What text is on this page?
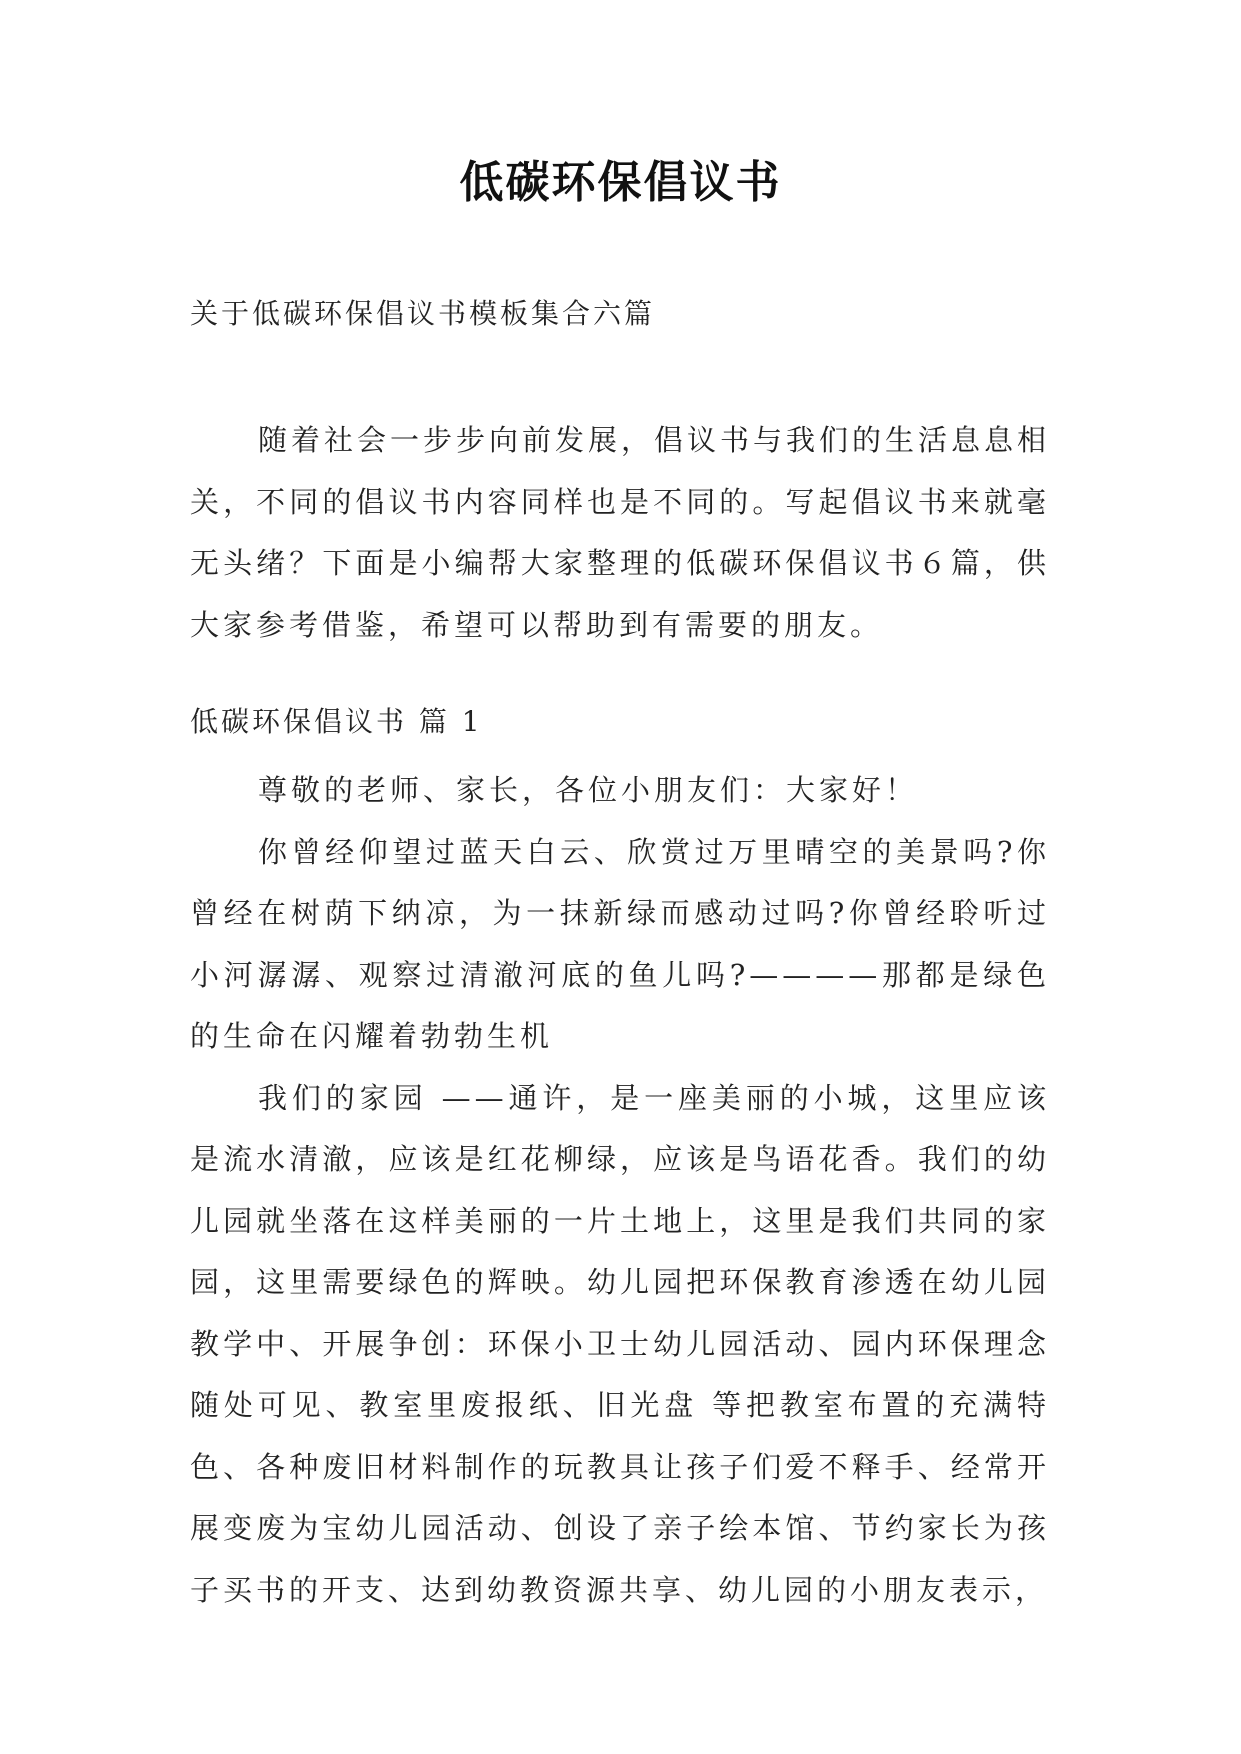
低碳环保倡议书

关于低碳环保倡议书模板集合六篇

随着社会一步步向前发展，倡议书与我们的生活息息相关，不同的倡议书内容同样也是不同的。写起倡议书来就毫无头绪？下面是小编帮大家整理的低碳环保倡议书６篇，供大家参考借鉴，希望可以帮助到有需要的朋友。

低碳环保倡议书 篇 1

尊敬的老师、家长，各位小朋友们：大家好！

你曾经仰望过蓝天白云、欣赏过万里晴空的美景吗?你曾经在树荫下纳凉，为一抹新绿而感动过吗?你曾经聆听过小河潺潺、观察过清澈河底的鱼儿吗?————那都是绿色的生命在闪耀着勃勃生机

我们的家园 ——通许，是一座美丽的小城，这里应该是流水清澈，应该是红花柳绿，应该是鸟语花香。我们的幼儿园就坐落在这样美丽的一片土地上，这里是我们共同的家园，这里需要绿色的辉映。幼儿园把环保教育渗透在幼儿园教学中、开展争创：环保小卫士幼儿园活动、园内环保理念随处可见、教室里废报纸、旧光盘 等把教室布置的充满特色、各种废旧材料制作的玩教具让孩子们爱不释手、经常开展变废为宝幼儿园活动、创设了亲子绘本馆、节约家长为孩子买书的开支、达到幼教资源共享、幼儿园的小朋友表示，
